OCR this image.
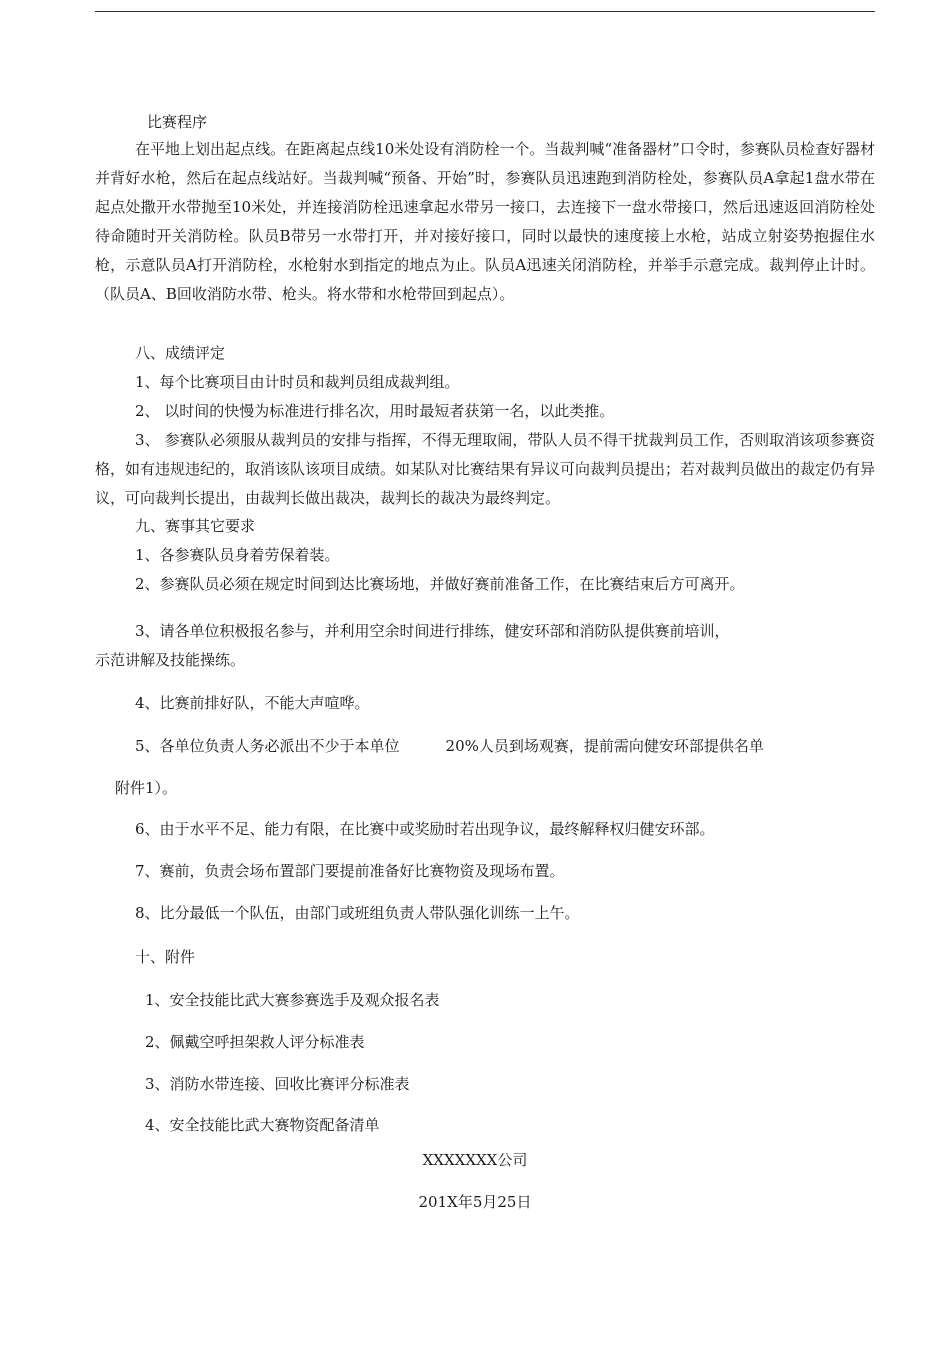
比赛程序
在平地上划出起点线。在距离起点线10米处设有消防栓一个。当裁判喊“准备器材”口令时，参赛队员检查好器材并背好水枪，然后在起点线站好。当裁判喊“预备、开始”时，参赛队员迅速跑到消防栓处，参赛队员A拿起1盘水带在起点处撒开水带抛至10米处，并连接消防栓迅速拿起水带另一接口，去连接下一盘水带接口，然后迅速返回消防栓处待命随时开关消防栓。队员B带另一水带打开，并对接好接口，同时以最快的速度接上水枪，站成立射姿势抱握住水枪，示意队员A打开消防栓，水枪射水到指定的地点为止。队员A迅速关闭消防栓，并举手示意完成。裁判停止计时。（队员A、B回收消防水带、枪头。将水带和水枪带回到起点）。
八、成绩评定
1、每个比赛项目由计时员和裁判员组成裁判组。
2、 以时间的快慢为标准进行排名次，用时最短者获第一名，以此类推。
3、 参赛队必须服从裁判员的安排与指挥，不得无理取闹，带队人员不得干扰裁判员工作，否则取消该项参赛资格，如有违规违纪的，取消该队该项目成绩。如某队对比赛结果有异议可向裁判员提出；若对裁判员做出的裁定仍有异议，可向裁判长提出，由裁判长做出裁决，裁判长的裁决为最终判定。
九、赛事其它要求
1、各参赛队员身着劳保着装。
2、参赛队员必须在规定时间到达比赛场地，并做好赛前准备工作，在比赛结束后方可离开。
3、请各单位积极报名参与，并利用空余时间进行排练，健安环部和消防队提供赛前培训，
示范讲解及技能操练。
4、比赛前排好队，不能大声喧哗。
5、各单位负责人务必派出不少于本单位	20%人员到场观赛，提前需向健安环部提供名单
附件1）。
6、由于水平不足、能力有限，在比赛中或奖励时若出现争议，最终解释权归健安环部。
7、赛前，负责会场布置部门要提前准备好比赛物资及现场布置。
8、比分最低一个队伍，由部门或班组负责人带队强化训练一上午。
十、附件
1、安全技能比武大赛参赛选手及观众报名表
2、佩戴空呼担架救人评分标准表
3、消防水带连接、回收比赛评分标准表
4、安全技能比武大赛物资配备清单
XXXXXXX公司
201X年5月25日
